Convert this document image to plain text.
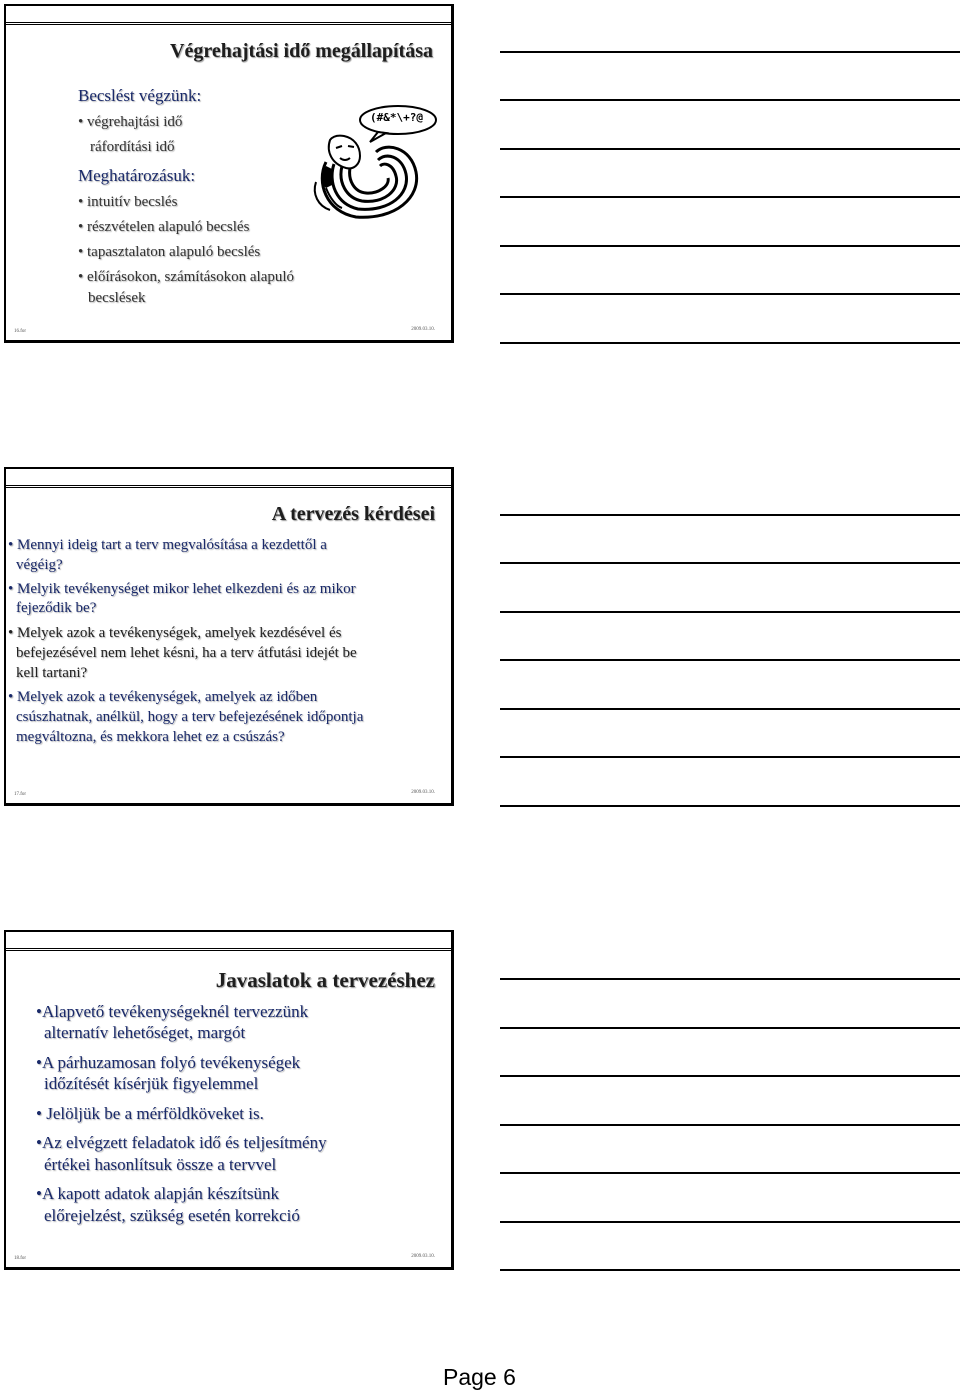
Végrehajtási idő megállapítása
Becslést végzünk:
• végrehajtási idő
ráfordítási idő
Meghatározásuk:
• intuitív becslés
• részvételen alapuló becslés
• tapasztalaton alapuló becslés
• előírásokon, számításokon alapuló
becslések
(#&*\+?@
16.for	2009.03.10.
A tervezés kérdései
• Mennyi ideig tart a terv megvalósítása a kezdettől a
végéig?
• Melyik tevékenységet mikor lehet elkezdeni és az mikor
fejeződik be?
• Melyek azok a tevékenységek, amelyek kezdésével és
befejezésével nem lehet késni, ha a terv átfutási idejét be
kell tartani?
• Melyek azok a tevékenységek, amelyek az időben
csúszhatnak, anélkül, hogy a terv befejezésének időpontja
megváltozna, és mekkora lehet ez a csúszás?
17.for	2009.03.10.
Javaslatok a tervezéshez
•Alapvető tevékenységeknél tervezzünk
alternatív lehetőséget, margót
•A párhuzamosan folyó tevékenységek
időzítését kísérjük figyelemmel
• Jelöljük be a mérföldköveket is.
•Az elvégzett feladatok idő és teljesítmény
értékei hasonlítsuk össze a tervvel
•A kapott adatok alapján készítsünk
előrejelzést, szükség esetén korrekció
18.for	2009.03.10.
Page 6
